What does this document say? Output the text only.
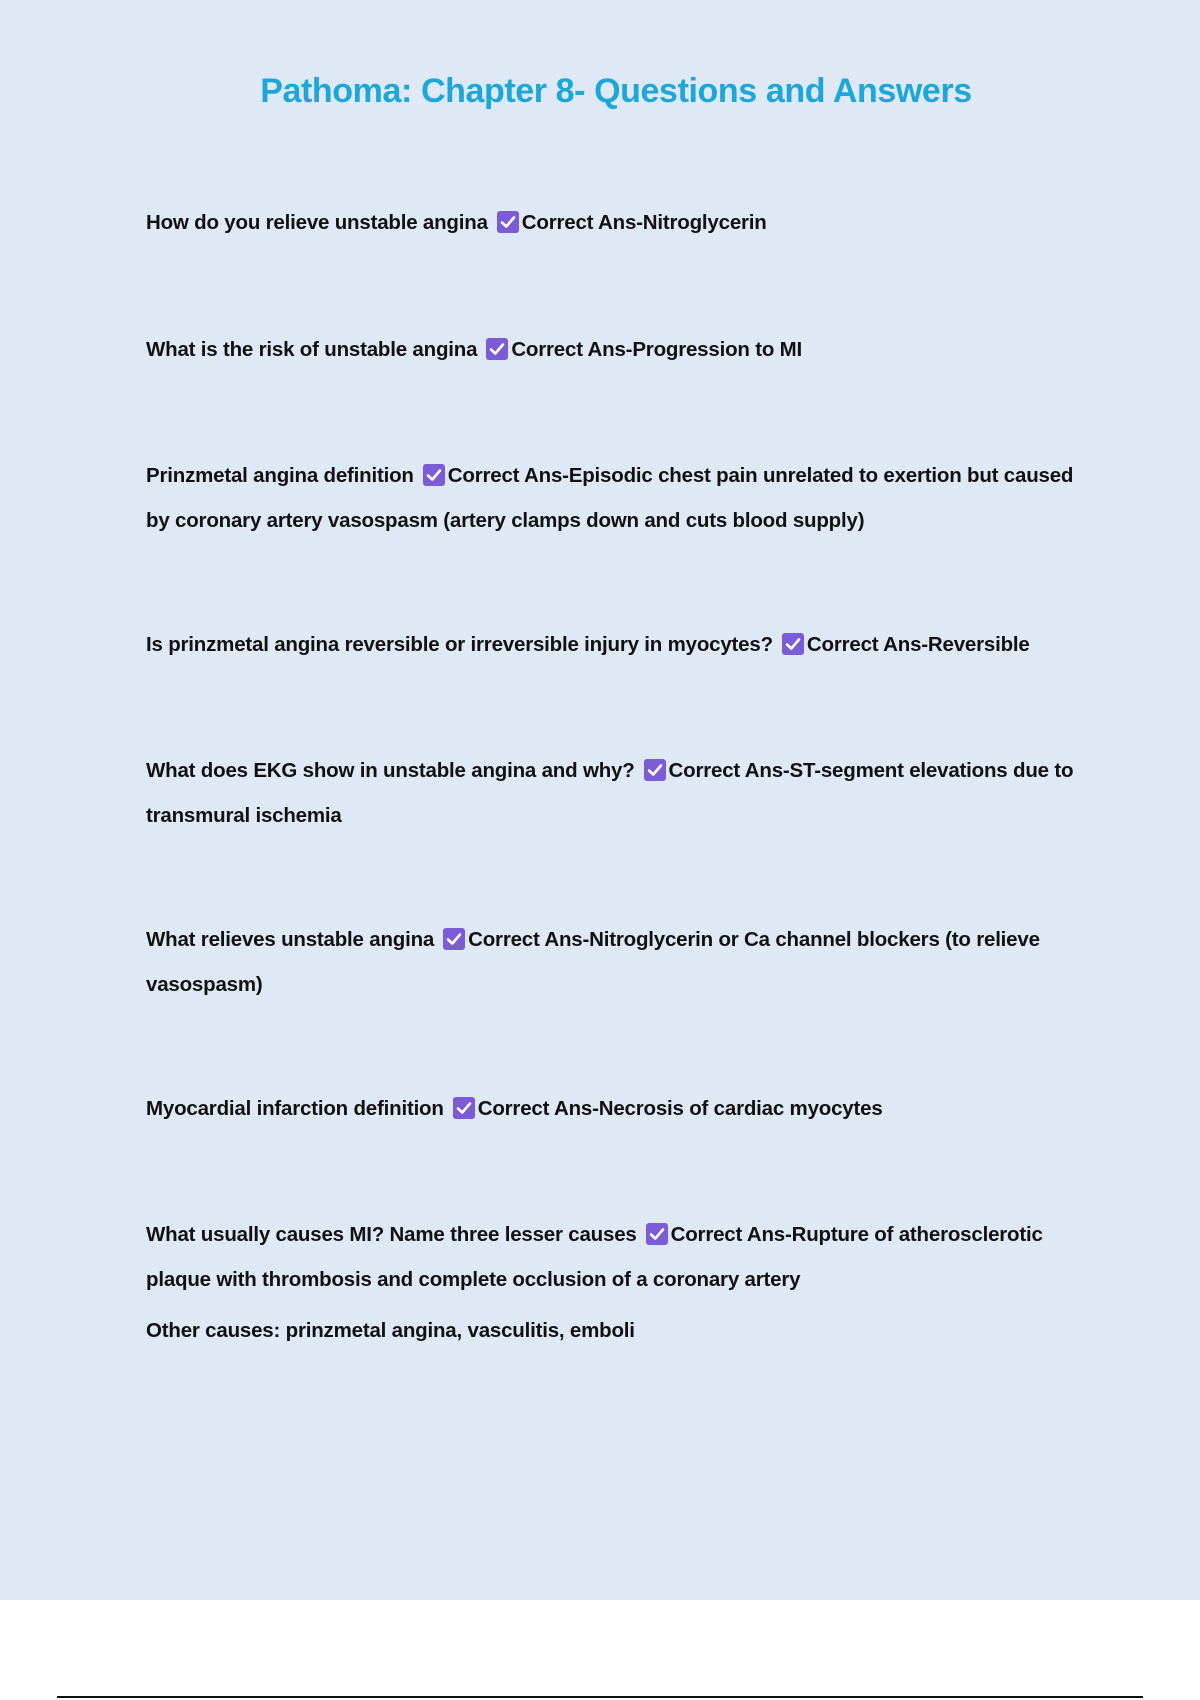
Pathoma: Chapter 8- Questions and Answers
How do you relieve unstable angina Correct Ans-Nitroglycerin
What is the risk of unstable angina Correct Ans-Progression to MI
Prinzmetal angina definition Correct Ans-Episodic chest pain unrelated to exertion but caused by coronary artery vasospasm (artery clamps down and cuts blood supply)
Is prinzmetal angina reversible or irreversible injury in myocytes? Correct Ans-Reversible
What does EKG show in unstable angina and why? Correct Ans-ST-segment elevations due to transmural ischemia
What relieves unstable angina Correct Ans-Nitroglycerin or Ca channel blockers (to relieve vasospasm)
Myocardial infarction definition Correct Ans-Necrosis of cardiac myocytes
What usually causes MI? Name three lesser causes Correct Ans-Rupture of atherosclerotic plaque with thrombosis and complete occlusion of a coronary artery
Other causes: prinzmetal angina, vasculitis, emboli
